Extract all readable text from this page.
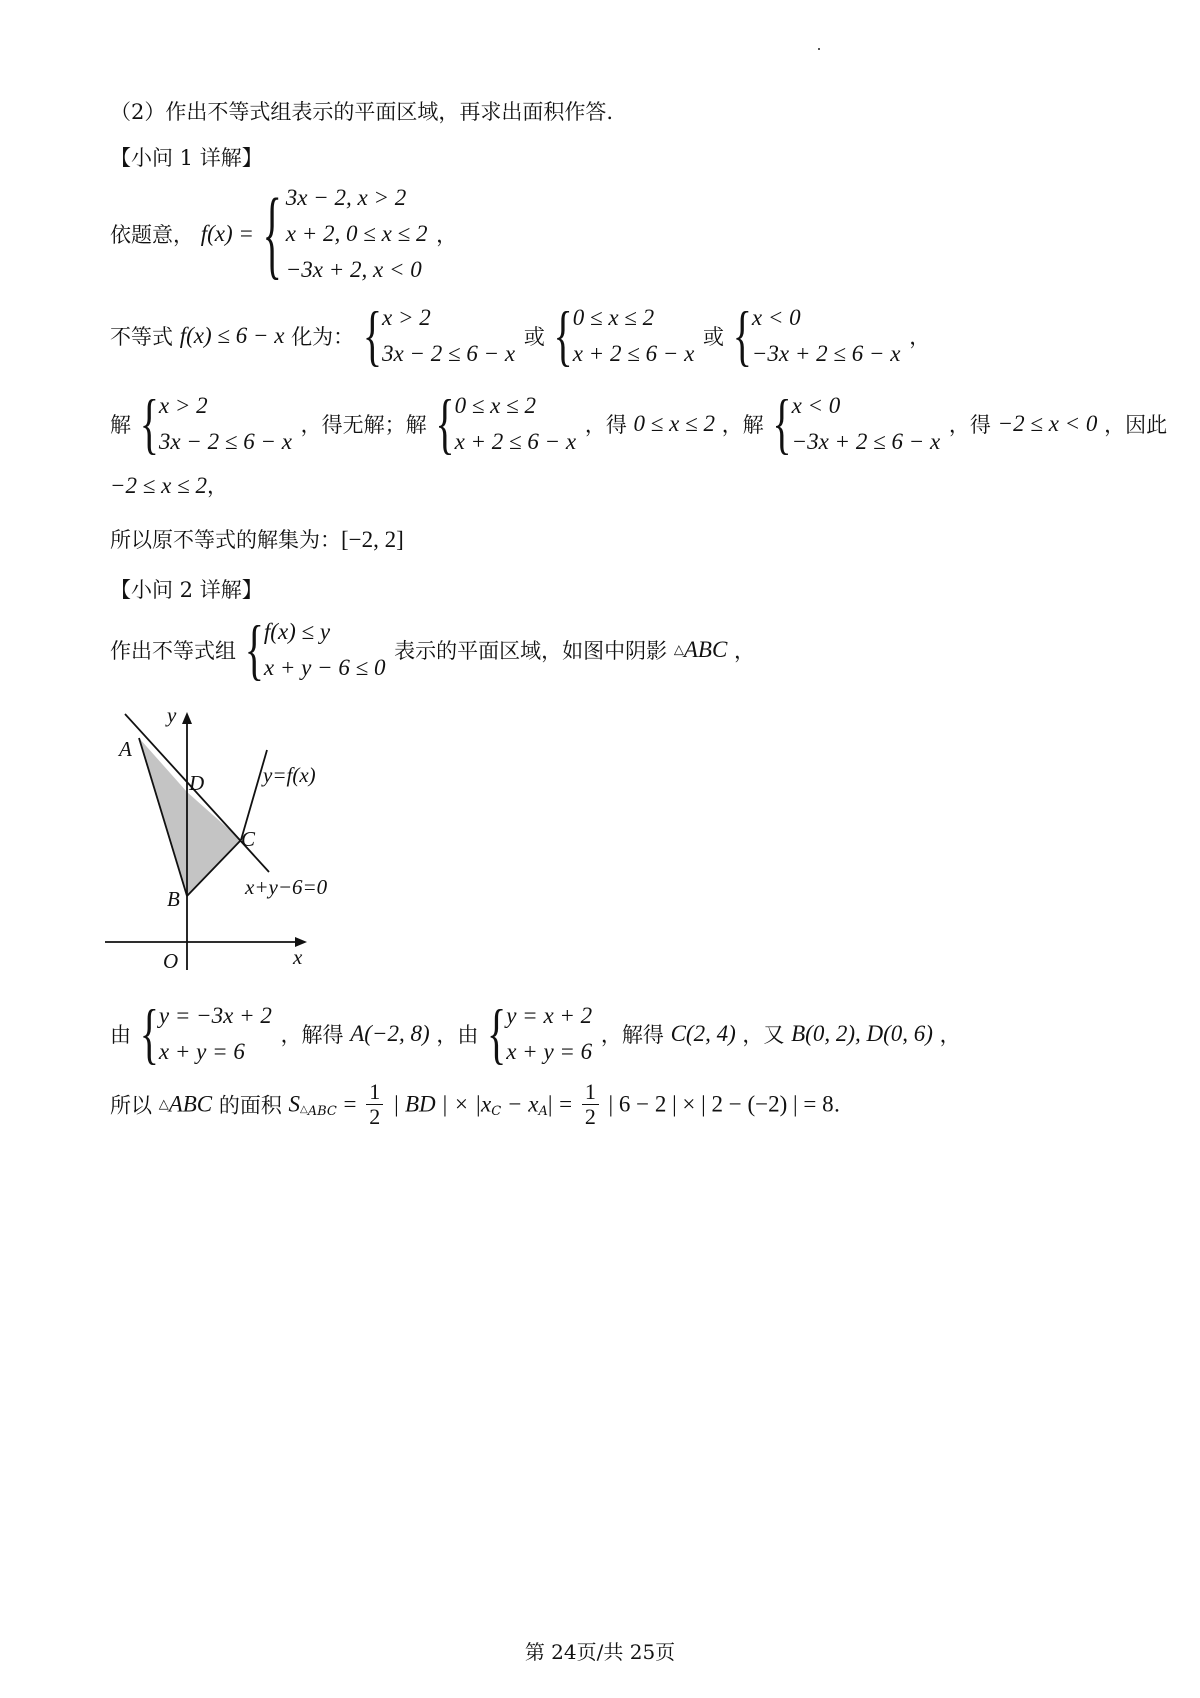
（2）作出不等式组表示的平面区域，再求出面积作答.
【小问 1 详解】
依题意， f(x) = { 3x − 2, x > 2
x + 2, 0 ≤ x ≤ 2
−3x + 2, x < 0
，
不等式 f(x) ≤ 6 − x 化为： { x > 2
3x − 2 ≤ 6 − x
或 { 0 ≤ x ≤ 2
x + 2 ≤ 6 − x
或 { x < 0
−3x + 2 ≤ 6 − x
，
解 { x > 2
3x − 2 ≤ 6 − x
，得无解；解 { 0 ≤ x ≤ 2
x + 2 ≤ 6 − x
，得 0 ≤ x ≤ 2 ，解 { x < 0
−3x + 2 ≤ 6 − x
，得 −2 ≤ x < 0 ，因此
−2 ≤ x ≤ 2，
所以原不等式的解集为：[−2, 2]
【小问 2 详解】
作出不等式组 { f(x) ≤ y
x + y − 6 ≤ 0
表示的平面区域，如图中阴影 △ABC ，
y
x
O
A
B
C
D	y=f(x)
x+y−6=0
由 { y = −3x + 2
x + y = 6
，解得 A(−2, 8) ，由 { y = x + 2
x + y = 6
，解得 C(2, 4) ，又 B(0, 2), D(0, 6) ，
所以 △ABC 的面积 $S_{\triangle ABC} = \frac{1}{2}$ | BD | × $|x_C - x_A| = \frac{1}{2}$ | 6 − 2 | × | 2 − (−2) | = 8.
第 24页/共 25页
